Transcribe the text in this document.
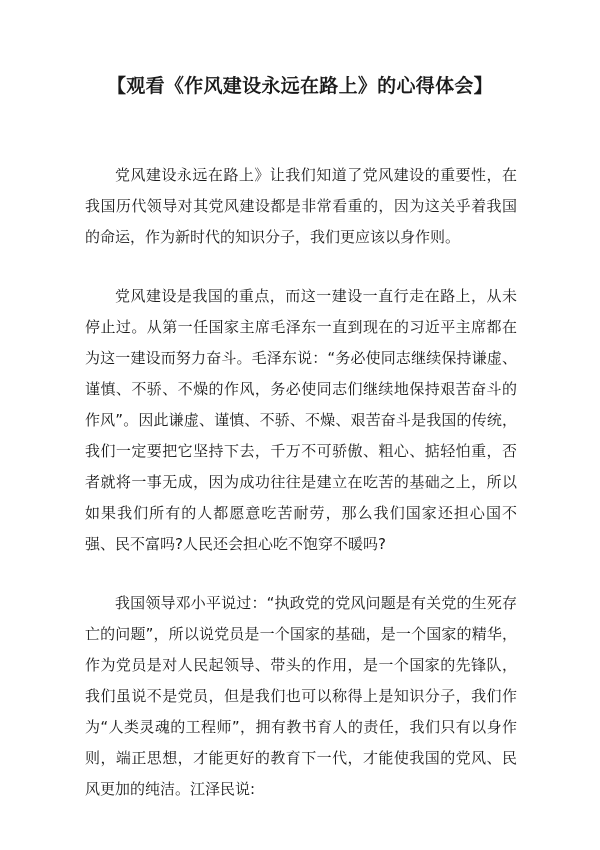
【观看《作风建设永远在路上》的心得体会】

党风建设永远在路上》让我们知道了党风建设的重要性，在我国历代领导对其党风建设都是非常看重的，因为这关乎着我国的命运，作为新时代的知识分子，我们更应该以身作则。

党风建设是我国的重点，而这一建设一直行走在路上，从未停止过。从第一任国家主席毛泽东一直到现在的习近平主席都在为这一建设而努力奋斗。毛泽东说：“务必使同志继续保持谦虚、谨慎、不骄、不燥的作风，务必使同志们继续地保持艰苦奋斗的作风”。因此谦虚、谨慎、不骄、不燥、艰苦奋斗是我国的传统，我们一定要把它坚持下去，千万不可骄傲、粗心、掂轻怕重，否者就将一事无成，因为成功往往是建立在吃苦的基础之上，所以如果我们所有的人都愿意吃苦耐劳，那么我们国家还担心国不强、民不富吗?人民还会担心吃不饱穿不暖吗?

我国领导邓小平说过：“执政党的党风问题是有关党的生死存亡的问题”，所以说党员是一个国家的基础，是一个国家的精华，作为党员是对人民起领导、带头的作用，是一个国家的先锋队，我们虽说不是党员，但是我们也可以称得上是知识分子，我们作为“人类灵魂的工程师”，拥有教书育人的责任，我们只有以身作则，端正思想，才能更好的教育下一代，才能使我国的党风、民风更加的纯洁。江泽民说:
